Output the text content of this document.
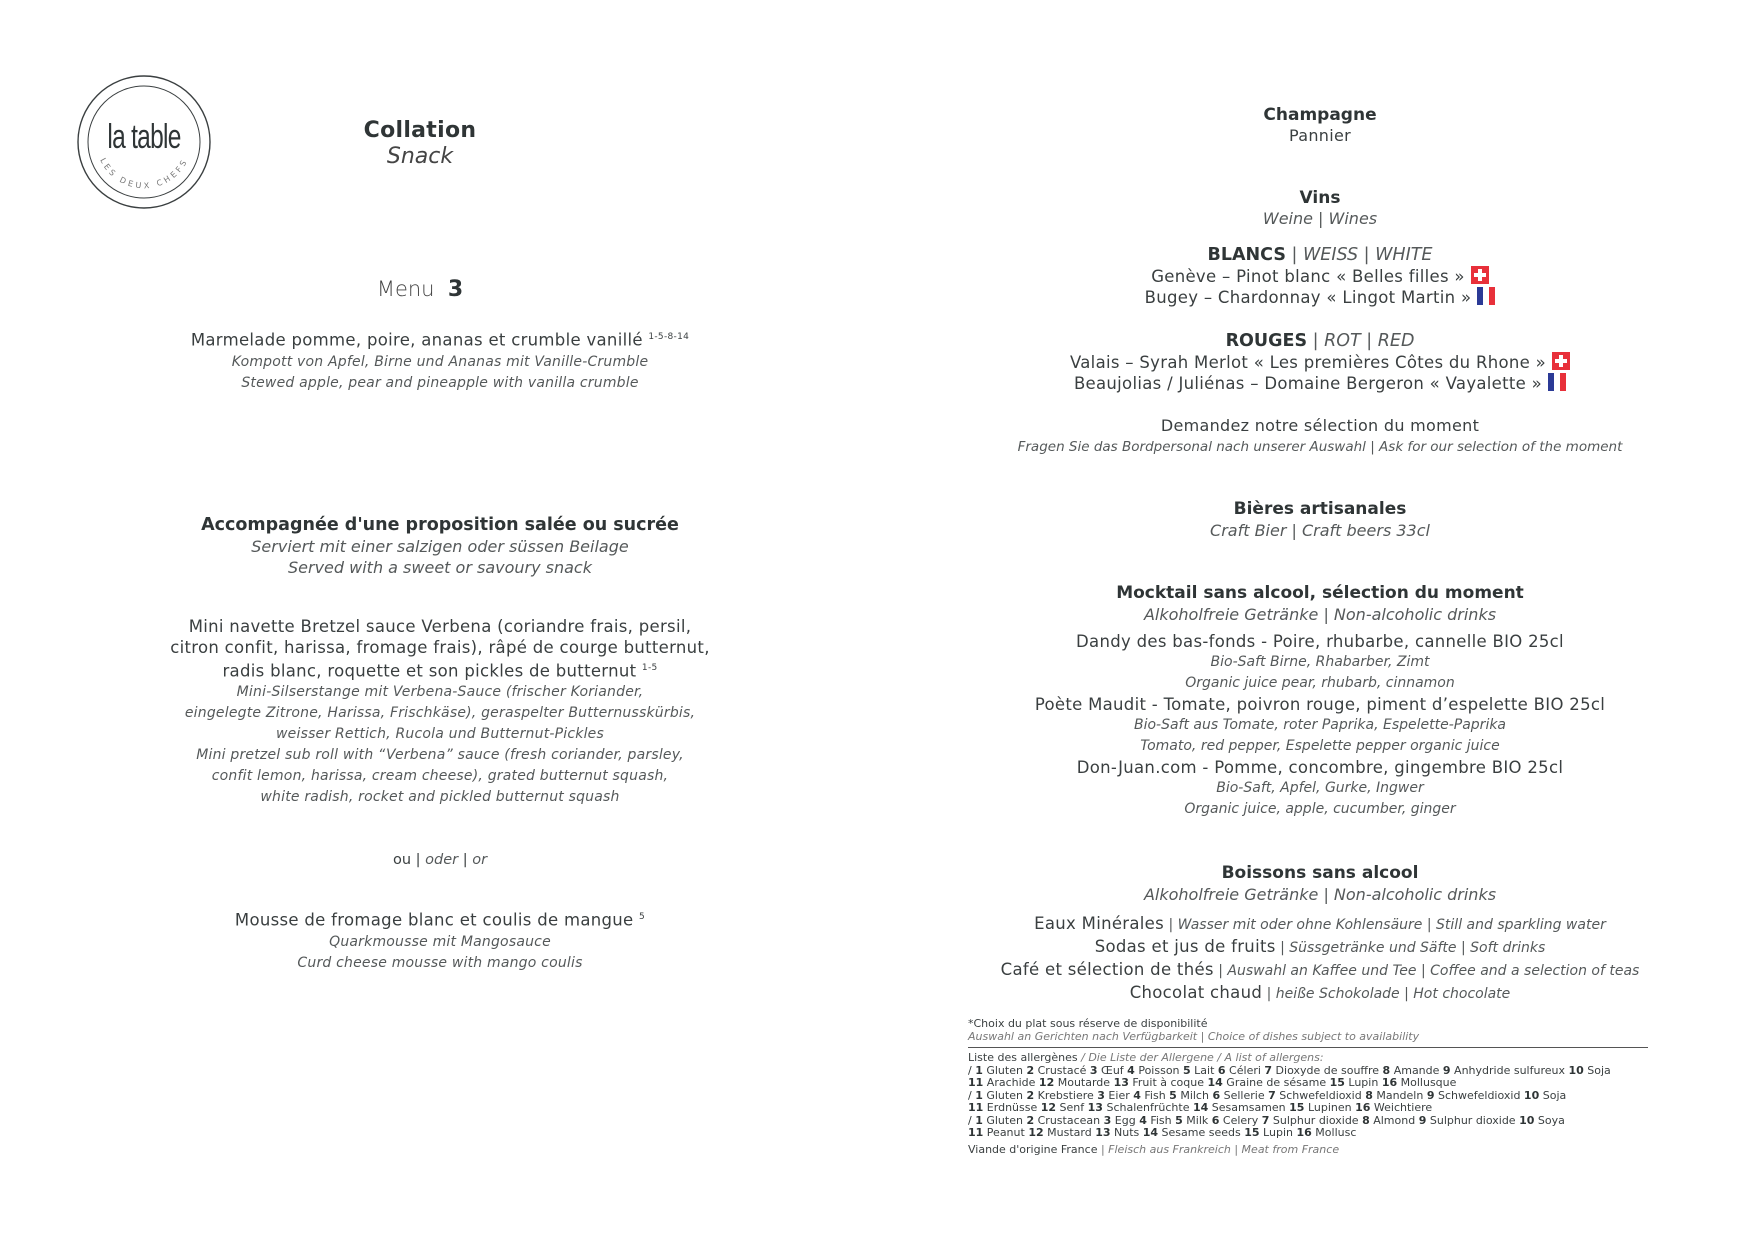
LES DEUX CHEFS
la table	Collation
Snack
Menu 3
Marmelade pomme, poire, ananas et crumble vanillé $^{1-5-8-14}$
Kompott von Apfel, Birne und Ananas mit Vanille-Crumble
Stewed apple, pear and pineapple with vanilla crumble
Accompagnée d'une proposition salée ou sucrée
Serviert mit einer salzigen oder süssen Beilage
Served with a sweet or savoury snack
Mini navette Bretzel sauce Verbena (coriandre frais, persil,
citron confit, harissa, fromage frais), râpé de courge butternut,
radis blanc, roquette et son pickles de butternut $^{1-5}$
Mini-Silserstange mit Verbena-Sauce (frischer Koriander,
eingelegte Zitrone, Harissa, Frischkäse), geraspelter Butternusskürbis,
weisser Rettich, Rucola und Butternut-Pickles
Mini pretzel sub roll with “Verbena” sauce (fresh coriander, parsley,
confit lemon, harissa, cream cheese), grated butternut squash,
white radish, rocket and pickled butternut squash
ou | oder | or
Mousse de fromage blanc et coulis de mangue $^5$
Quarkmousse mit Mangosauce
Curd cheese mousse with mango coulis
Champagne
Pannier
Vins
Weine | Wines
BLANCS | WEISS | WHITE
Genève – Pinot blanc « Belles filles »
Bugey – Chardonnay « Lingot Martin »
ROUGES | ROT | RED
Valais – Syrah Merlot « Les premières Côtes du Rhone »
Beaujolias / Juliénas – Domaine Bergeron « Vayalette »
Demandez notre sélection du moment
Fragen Sie das Bordpersonal nach unserer Auswahl | Ask for our selection of the moment
Bières artisanales
Craft Bier | Craft beers 33cl
Mocktail sans alcool, sélection du moment
Alkoholfreie Getränke | Non-alcoholic drinks
Dandy des bas-fonds - Poire, rhubarbe, cannelle BIO 25cl
Bio-Saft Birne, Rhabarber, Zimt
Organic juice pear, rhubarb, cinnamon
Poète Maudit - Tomate, poivron rouge, piment d’espelette BIO 25cl
Bio-Saft aus Tomate, roter Paprika, Espelette-Paprika
Tomato, red pepper, Espelette pepper organic juice
Don-Juan.com - Pomme, concombre, gingembre BIO 25cl
Bio-Saft, Apfel, Gurke, Ingwer
Organic juice, apple, cucumber, ginger
Boissons sans alcool
Alkoholfreie Getränke | Non-alcoholic drinks
Eaux Minérales | Wasser mit oder ohne Kohlensäure | Still and sparkling water
Sodas et jus de fruits | Süssgetränke und Säfte | Soft drinks
Café et sélection de thés | Auswahl an Kaffee und Tee | Coffee and a selection of teas
Chocolat chaud | heiße Schokolade | Hot chocolate
*Choix du plat sous réserve de disponibilité
Auswahl an Gerichten nach Verfügbarkeit | Choice of dishes subject to availability
Liste des allergènes / Die Liste der Allergene / A list of allergens:
/ 1 Gluten 2 Crustacé 3 Œuf 4 Poisson 5 Lait 6 Céleri 7 Dioxyde de souffre 8 Amande 9 Anhydride sulfureux 10 Soja
11 Arachide 12 Moutarde 13 Fruit à coque 14 Graine de sésame 15 Lupin 16 Mollusque
/ 1 Gluten 2 Krebstiere 3 Eier 4 Fish 5 Milch 6 Sellerie 7 Schwefeldioxid 8 Mandeln 9 Schwefeldioxid 10 Soja
11 Erdnüsse 12 Senf 13 Schalenfrüchte 14 Sesamsamen 15 Lupinen 16 Weichtiere
/ 1 Gluten 2 Crustacean 3 Egg 4 Fish 5 Milk 6 Celery 7 Sulphur dioxide 8 Almond 9 Sulphur dioxide 10 Soya
11 Peanut 12 Mustard 13 Nuts 14 Sesame seeds 15 Lupin 16 Mollusc
Viande d'origine France | Fleisch aus Frankreich | Meat from France
